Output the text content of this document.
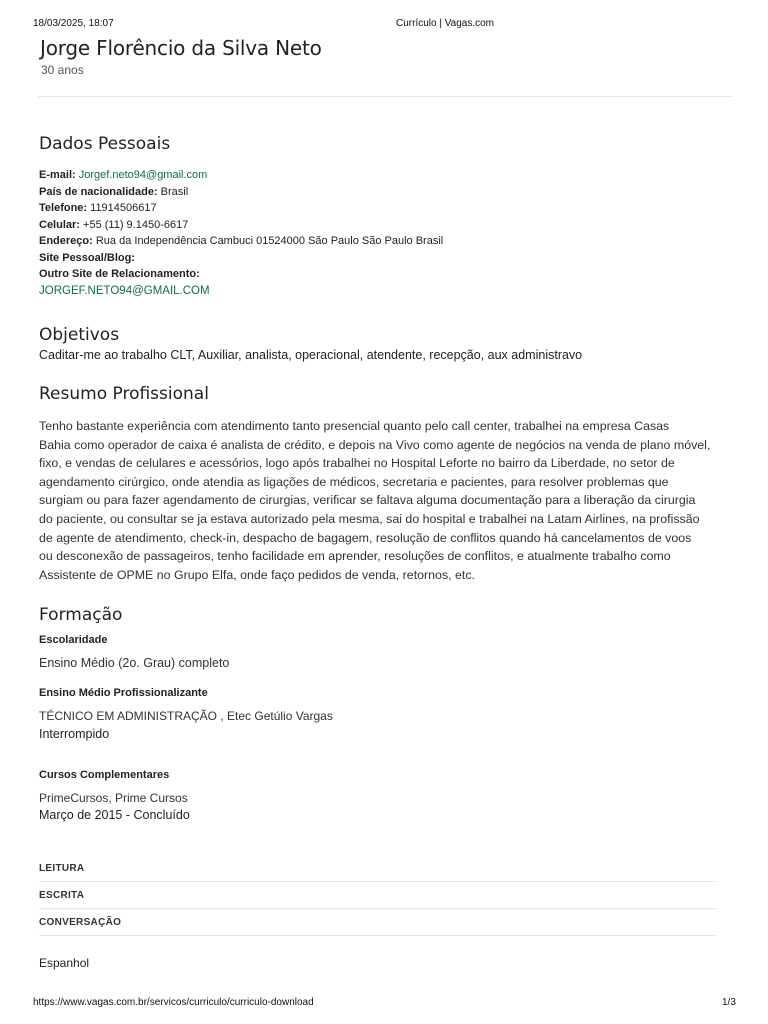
18/03/2025, 18:07	Currículo | Vagas.com
Jorge Florêncio da Silva Neto
30 anos
Dados Pessoais
E-mail: Jorgef.neto94@gmail.com
País de nacionalidade: Brasil
Telefone: 11914506617
Celular: +55 (11) 9.1450-6617
Endereço: Rua da Independência Cambuci 01524000 São Paulo São Paulo Brasil
Site Pessoal/Blog:
Outro Site de Relacionamento:
JORGEF.NETO94@GMAIL.COM
Objetivos
Caditar-me ao trabalho CLT, Auxiliar, analista, operacional, atendente, recepção, aux administravo
Resumo Profissional

Tenho bastante experiência com atendimento tanto presencial quanto pelo call center, trabalhei na empresa Casas

Bahia como operador de caixa é analista de crédito, e depois na Vivo como agente de negócios na venda de plano móvel,

fixo, e vendas de celulares e acessórios, logo após trabalhei no Hospital Leforte no bairro da Liberdade, no setor de

agendamento cirúrgico, onde atendia as ligações de médicos, secretaria e pacientes, para resolver problemas que

surgiam ou para fazer agendamento de cirurgias, verificar se faltava alguma documentação para a liberação da cirurgia

do paciente, ou consultar se ja estava autorizado pela mesma, sai do hospital e trabalhei na Latam Airlines, na profissão

de agente de atendimento, check-in, despacho de bagagem, resolução de conflitos quando há cancelamentos de voos

ou desconexão de passageiros, tenho facilidade em aprender, resoluções de conflitos, e atualmente trabalho como

Assistente de OPME no Grupo Elfa, onde faço pedidos de venda, retornos, etc.

Formação
Escolaridade
Ensino Médio (2o. Grau) completo
Ensino Médio Profissionalizante
TÉCNICO EM ADMINISTRAÇÃO , Etec Getúlio Vargas
Interrompido
Cursos Complementares
PrimeCursos, Prime Cursos
Março de 2015 - Concluído
LEITURA
ESCRITA
CONVERSAÇÃO
Espanhol
https://www.vagas.com.br/servicos/curriculo/curriculo-download	1/3
